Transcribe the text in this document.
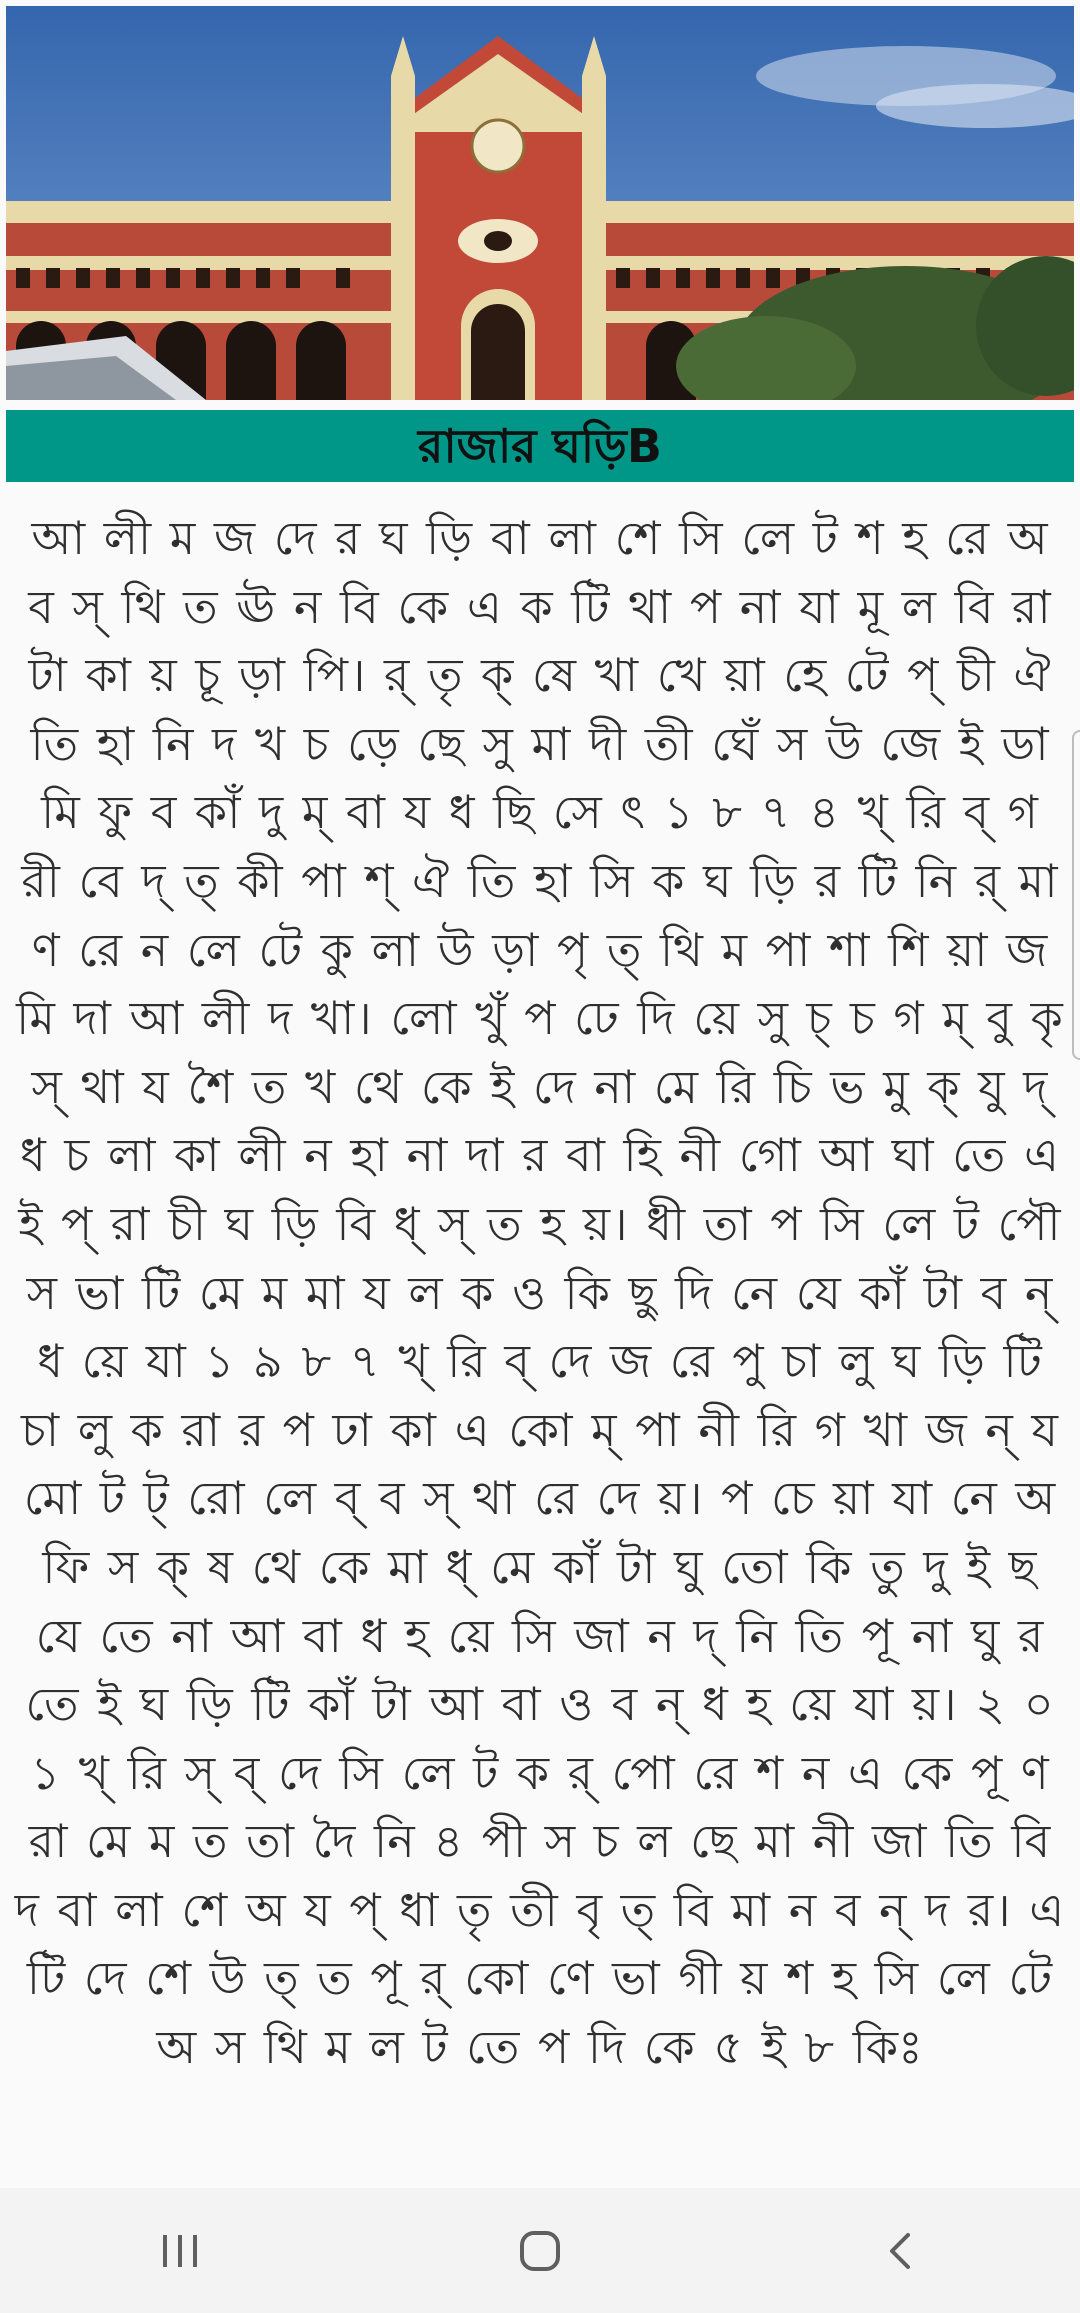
রাজার ঘড়িB

আ লী ম জ দে র ঘ ড়ি বা লা শে সি লে ট শ হ রে অ ব স্ থি ত ঊ ন বি কে এ ক টি থা প না যা মূ ল বি রা টা কা য় চূ ড়া পি। র্ তৃ ক্ ষে খা খে য়া হে টে প্ চী ঐ তি হা নি দ খ চ ড়ে ছে সু মা দী তী ঘেঁ স উ জে ই ডা মি ফু ব কাঁ দু ম্ বা য ধ ছি সে ৎ ১ ৮ ৭ ৪ খ্ রি ব্ গ রী বে দ্ ত্ কী পা শ্ ঐ তি হা সি ক ঘ ড়ি র টি নি র্ মা ণ রে ন লে টে কু লা উ ড়া পৃ ত্ থি ম পা শা শি য়া জ মি দা আ লী দ খা। লো খুঁ প ঢে দি য়ে সু চ্ চ গ ম্ বু কৃ স্ থা য শৈ ত খ থে কে ই দে না মে রি চি ভ মু ক্ যু দ্ ধ চ লা কা লী ন হা না দা র বা হি নী গো আ ঘা তে এ ই প্ রা চী ঘ ড়ি বি ধ্ স্ ত হ য়। ধী তা প সি লে ট পৌ স ভা টি মে ম মা য ল ক ও কি ছু দি নে যে কাঁ টা ব ন্ ধ য়ে যা ১ ৯ ৮ ৭ খ্ রি ব্ দে জ রে পু চা লু ঘ ড়ি টি চা লু ক রা র প ঢা কা এ কো ম্ পা নী রি গ খা জ ন্ য মো ট ট্ রো লে ব্ ব স্ থা রে দে য়। প চে য়া যা নে অ ফি স ক্ ষ থে কে মা ধ্ মে কাঁ টা ঘু তো কি তু দু ই ছ যে তে না আ বা ধ হ য়ে সি জা ন দ্ নি তি পূ না ঘু র তে ই ঘ ড়ি টি কাঁ টা আ বা ও ব ন্ ধ হ য়ে যা য়। ২ ০ ১ খ্ রি স্ ব্ দে সি লে ট ক র্ পো রে শ ন এ কে পূ ণ রা মে ম ত তা দৈ নি ৪ পী স চ ল ছে মা নী জা তি বি দ বা লা শে অ য প্ ধা তৃ তী বৃ ত্ বি মা ন ব ন্ দ র। এ টি দে শে উ ত্ ত পূ র্ কো ণে ভা গী য় শ হ সি লে টে অ স থি ম ল ট তে প দি কে ৫ ই ৮ কিঃ
